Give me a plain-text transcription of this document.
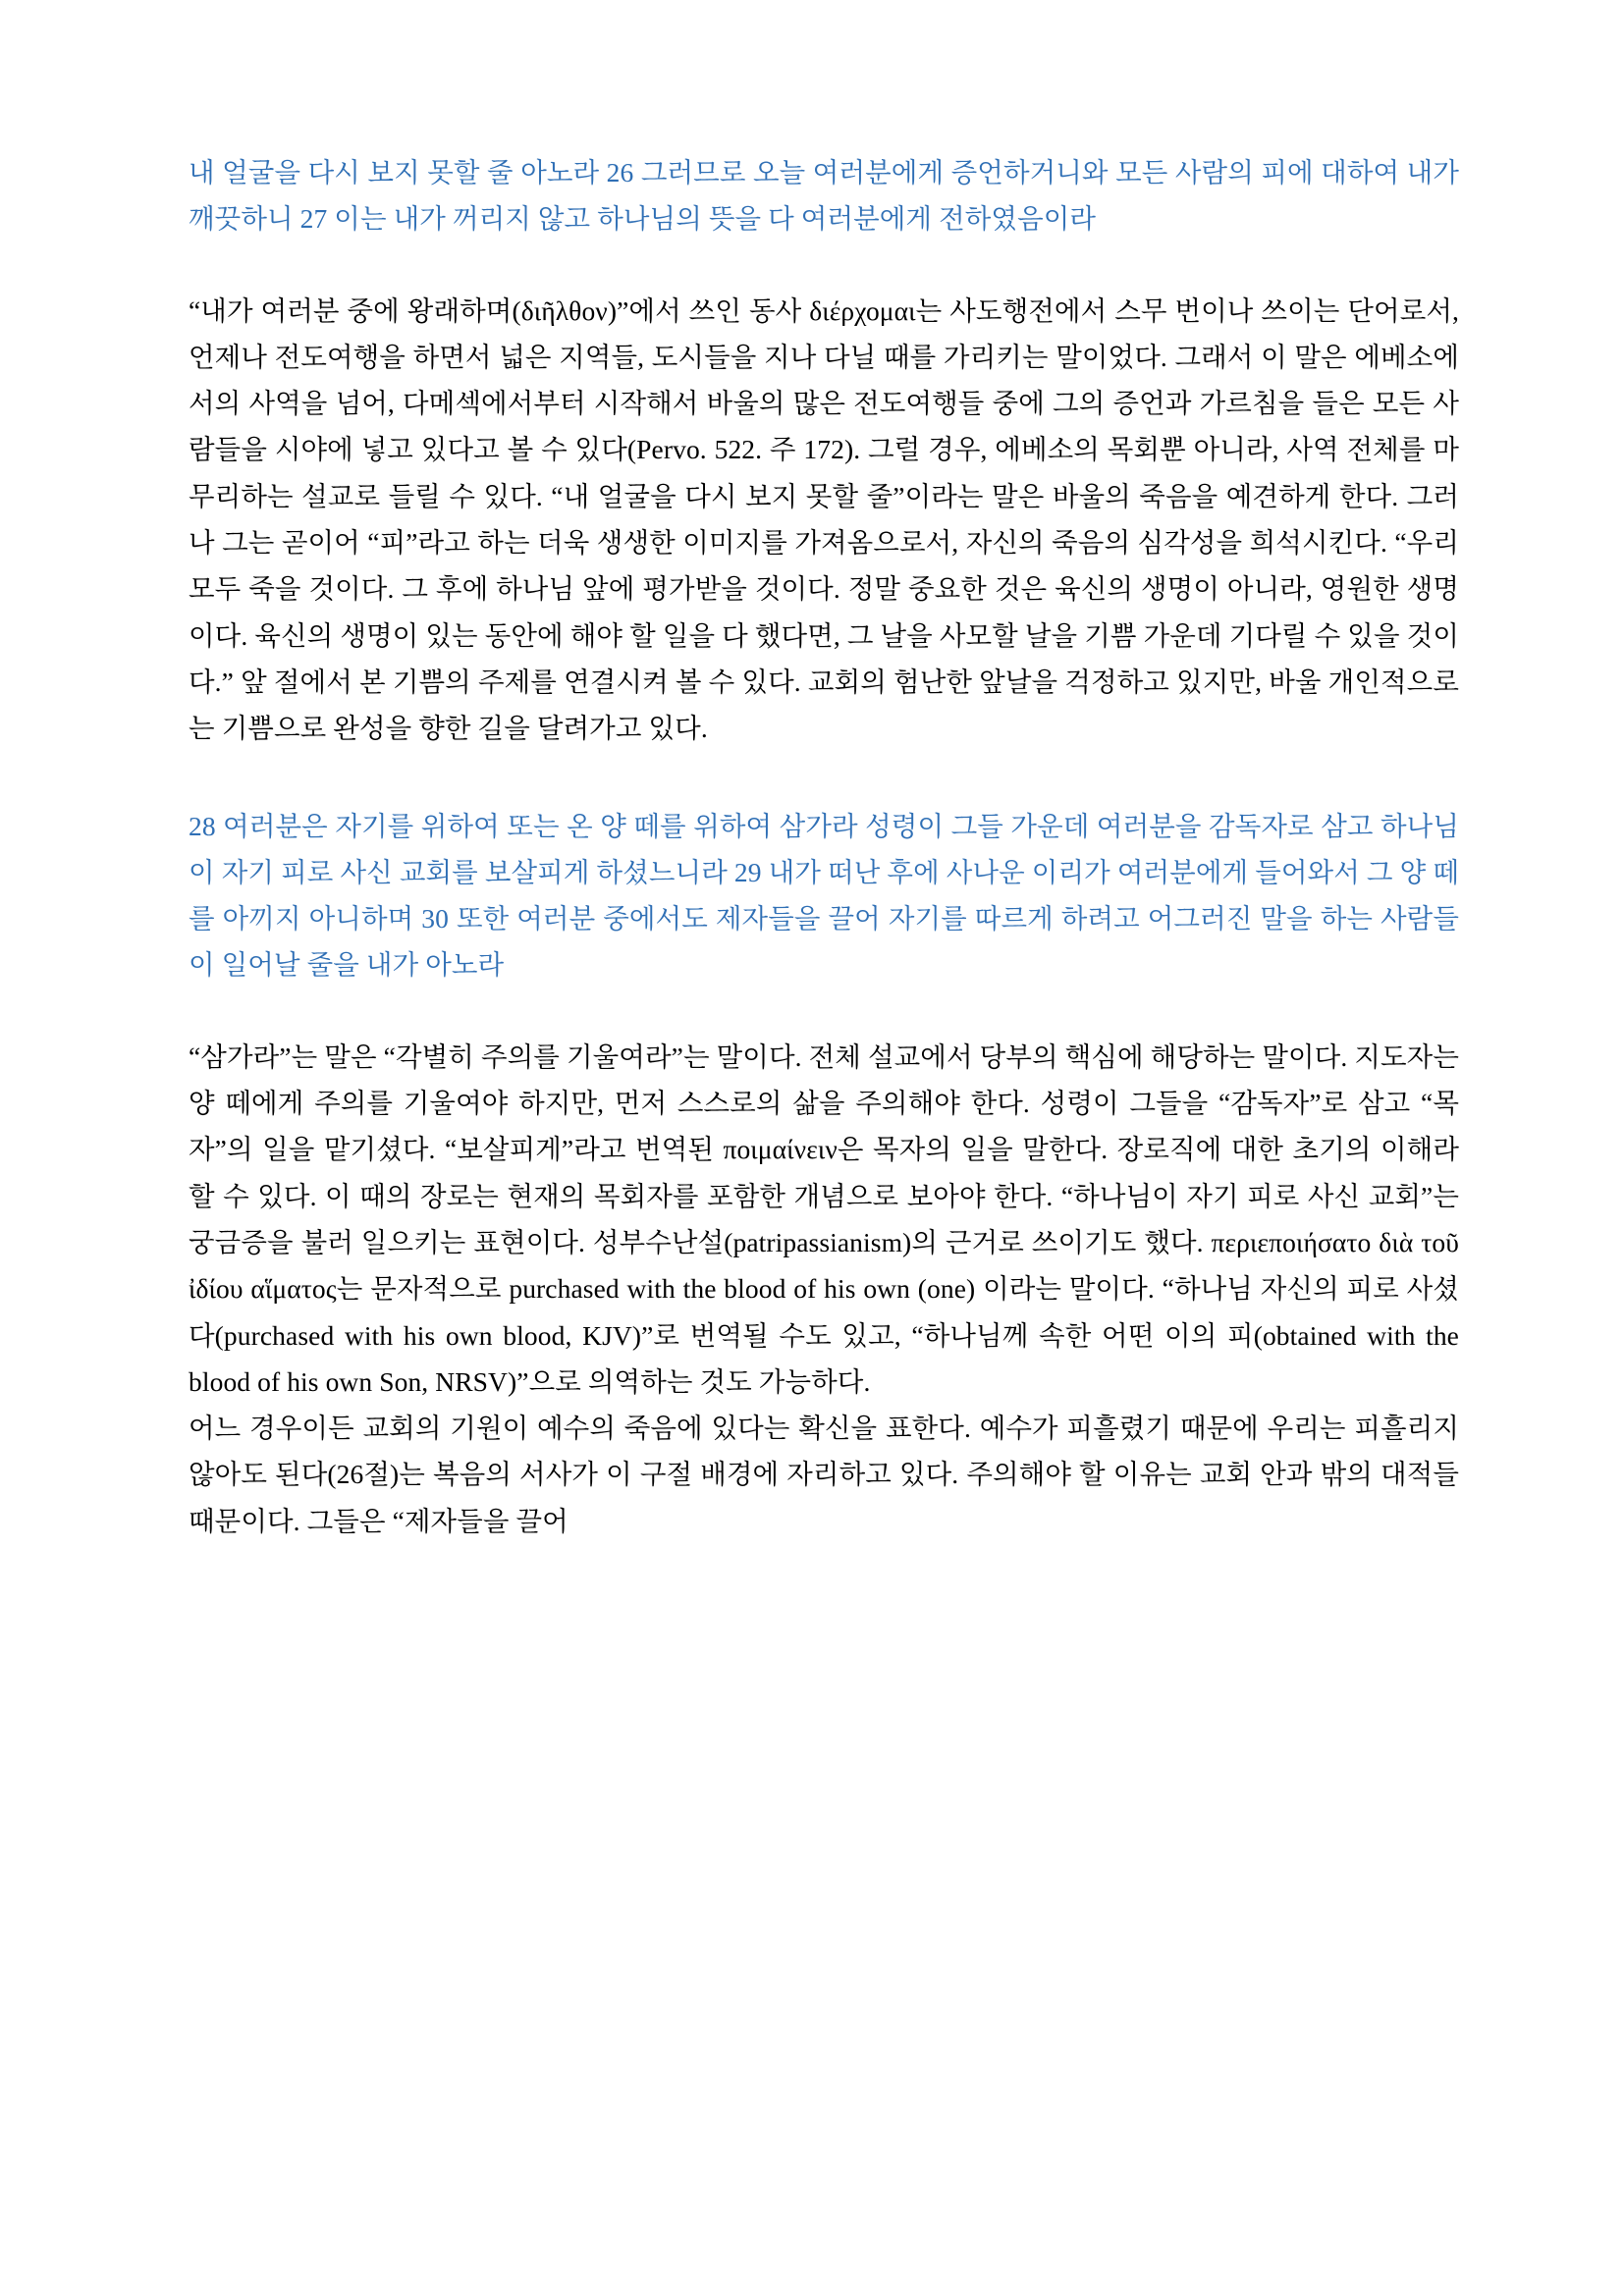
내 얼굴을 다시 보지 못할 줄 아노라 26 그러므로 오늘 여러분에게 증언하거니와 모든 사람의 피에 대하여 내가 깨끗하니 27 이는 내가 꺼리지 않고 하나님의 뜻을 다 여러분에게 전하였음이라

“내가 여러분 중에 왕래하며(διῆλθον)”에서 쓰인 동사 διέρχομαι는 사도행전에서 스무 번이나 쓰이는 단어로서, 언제나 전도여행을 하면서 넓은 지역들, 도시들을 지나 다닐 때를 가리키는 말이었다. 그래서 이 말은 에베소에서의 사역을 넘어, 다메섹에서부터 시작해서 바울의 많은 전도여행들 중에 그의 증언과 가르침을 들은 모든 사람들을 시야에 넣고 있다고 볼 수 있다(Pervo. 522. 주 172). 그럴 경우, 에베소의 목회뿐 아니라, 사역 전체를 마무리하는 설교로 들릴 수 있다. “내 얼굴을 다시 보지 못할 줄”이라는 말은 바울의 죽음을 예견하게 한다. 그러나 그는 곧이어 “피”라고 하는 더욱 생생한 이미지를 가져옴으로서, 자신의 죽음의 심각성을 희석시킨다. “우리 모두 죽을 것이다. 그 후에 하나님 앞에 평가받을 것이다. 정말 중요한 것은 육신의 생명이 아니라, 영원한 생명이다. 육신의 생명이 있는 동안에 해야 할 일을 다 했다면, 그 날을 사모할 날을 기쁨 가운데 기다릴 수 있을 것이다.” 앞 절에서 본 기쁨의 주제를 연결시켜 볼 수 있다. 교회의 험난한 앞날을 걱정하고 있지만, 바울 개인적으로는 기쁨으로 완성을 향한 길을 달려가고 있다.

28 여러분은 자기를 위하여 또는 온 양 떼를 위하여 삼가라 성령이 그들 가운데 여러분을 감독자로 삼고 하나님이 자기 피로 사신 교회를 보살피게 하셨느니라 29 내가 떠난 후에 사나운 이리가 여러분에게 들어와서 그 양 떼를 아끼지 아니하며 30 또한 여러분 중에서도 제자들을 끌어 자기를 따르게 하려고 어그러진 말을 하는 사람들이 일어날 줄을 내가 아노라

“삼가라”는 말은 “각별히 주의를 기울여라”는 말이다. 전체 설교에서 당부의 핵심에 해당하는 말이다. 지도자는 양 떼에게 주의를 기울여야 하지만, 먼저 스스로의 삶을 주의해야 한다. 성령이 그들을 “감독자”로 삼고 “목자”의 일을 맡기셨다. “보살피게”라고 번역된 ποιμαίνειν은 목자의 일을 말한다. 장로직에 대한 초기의 이해라 할 수 있다. 이 때의 장로는 현재의 목회자를 포함한 개념으로 보아야 한다. “하나님이 자기 피로 사신 교회”는 궁금증을 불러 일으키는 표현이다. 성부수난설(patripassianism)의 근거로 쓰이기도 했다. περιεποιήσατο διὰ τοῦ ἰδίου αἵματος는 문자적으로 purchased with the blood of his own (one) 이라는 말이다. “하나님 자신의 피로 사셨다(purchased with his own blood, KJV)”로 번역될 수도 있고, “하나님께 속한 어떤 이의 피(obtained with the blood of his own Son, NRSV)”으로 의역하는 것도 가능하다.

어느 경우이든 교회의 기원이 예수의 죽음에 있다는 확신을 표한다. 예수가 피흘렸기 때문에 우리는 피흘리지 않아도 된다(26절)는 복음의 서사가 이 구절 배경에 자리하고 있다. 주의해야 할 이유는 교회 안과 밖의 대적들 때문이다. 그들은 “제자들을 끌어
